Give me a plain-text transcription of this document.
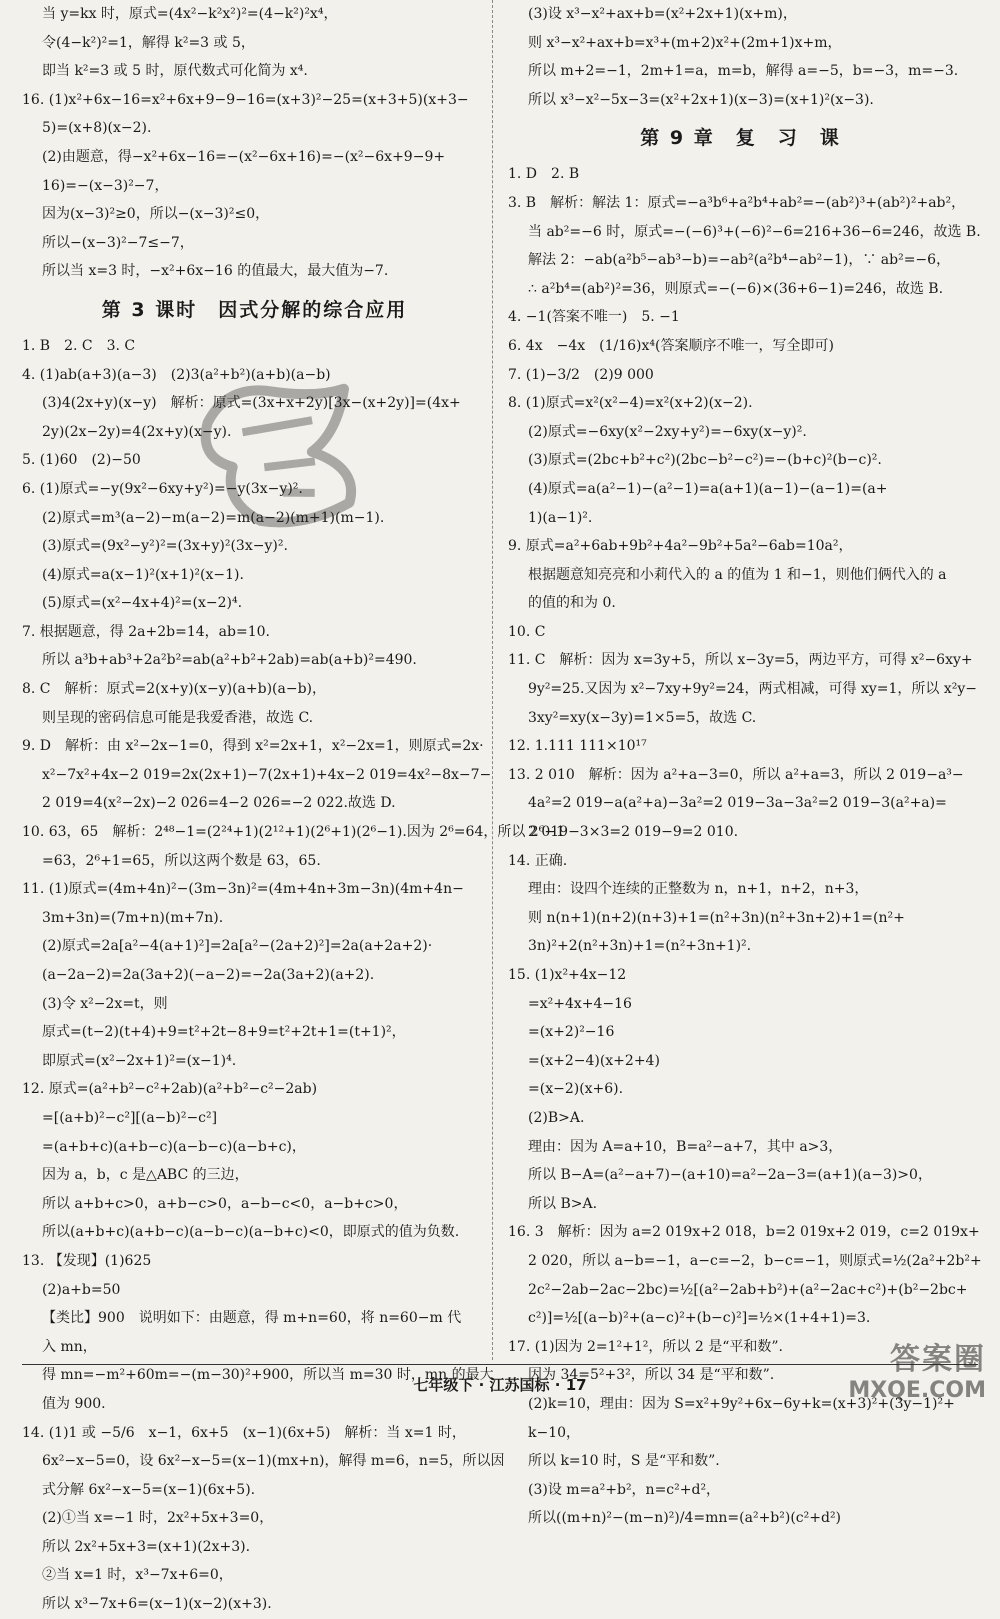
当 y=kx 时，原式=(4x²−k²x²)²=(4−k²)²x⁴，
令(4−k²)²=1，解得 k²=3 或 5，
即当 k²=3 或 5 时，原代数式可化简为 x⁴.
16. (1)x²+6x−16=x²+6x+9−9−16=(x+3)²−25=(x+3+5)(x+3−
5)=(x+8)(x−2).
(2)由题意，得−x²+6x−16=−(x²−6x+16)=−(x²−6x+9−9+
16)=−(x−3)²−7，
因为(x−3)²≥0，所以−(x−3)²≤0，
所以−(x−3)²−7≤−7，
所以当 x=3 时，−x²+6x−16 的值最大，最大值为−7.
第 3 课时　因式分解的综合应用
1. B　2. C　3. C
4. (1)ab(a+3)(a−3)　(2)3(a²+b²)(a+b)(a−b)
(3)4(2x+y)(x−y)　解析：原式=(3x+x+2y)[3x−(x+2y)]=(4x+
2y)(2x−2y)=4(2x+y)(x−y).
5. (1)60　(2)−50
6. (1)原式=−y(9x²−6xy+y²)=−y(3x−y)².
(2)原式=m³(a−2)−m(a−2)=m(a−2)(m+1)(m−1).
(3)原式=(9x²−y²)²=(3x+y)²(3x−y)².
(4)原式=a(x−1)²(x+1)²(x−1).
(5)原式=(x²−4x+4)²=(x−2)⁴.
7. 根据题意，得 2a+2b=14，ab=10.
所以 a³b+ab³+2a²b²=ab(a²+b²+2ab)=ab(a+b)²=490.
8. C　解析：原式=2(x+y)(x−y)(a+b)(a−b)，
则呈现的密码信息可能是我爱香港，故选 C.
9. D　解析：由 x²−2x−1=0，得到 x²=2x+1，x²−2x=1，则原式=2x·
x²−7x²+4x−2 019=2x(2x+1)−7(2x+1)+4x−2 019=4x²−8x−7−
2 019=4(x²−2x)−2 026=4−2 026=−2 022.故选 D.
10. 63，65　解析：2⁴⁸−1=(2²⁴+1)(2¹²+1)(2⁶+1)(2⁶−1).因为 2⁶=64，所以 2⁶−1
=63，2⁶+1=65，所以这两个数是 63，65.
11. (1)原式=(4m+4n)²−(3m−3n)²=(4m+4n+3m−3n)(4m+4n−
3m+3n)=(7m+n)(m+7n).
(2)原式=2a[a²−4(a+1)²]=2a[a²−(2a+2)²]=2a(a+2a+2)·
(a−2a−2)=2a(3a+2)(−a−2)=−2a(3a+2)(a+2).
(3)令 x²−2x=t，则
原式=(t−2)(t+4)+9=t²+2t−8+9=t²+2t+1=(t+1)²，
即原式=(x²−2x+1)²=(x−1)⁴.
12. 原式=(a²+b²−c²+2ab)(a²+b²−c²−2ab)
=[(a+b)²−c²][(a−b)²−c²]
=(a+b+c)(a+b−c)(a−b−c)(a−b+c)，
因为 a，b，c 是△ABC 的三边，
所以 a+b+c>0，a+b−c>0，a−b−c<0，a−b+c>0，
所以(a+b+c)(a+b−c)(a−b−c)(a−b+c)<0，即原式的值为负数.
13. 【发现】(1)625
(2)a+b=50
【类比】900　说明如下：由题意，得 m+n=60，将 n=60−m 代
入 mn，
得 mn=−m²+60m=−(m−30)²+900，所以当 m=30 时，mn 的最大
值为 900.
14. (1)1 或 −5/6　x−1，6x+5　(x−1)(6x+5)　解析：当 x=1 时，
6x²−x−5=0，设 6x²−x−5=(x−1)(mx+n)，解得 m=6，n=5，所以因
式分解 6x²−x−5=(x−1)(6x+5).
(2)①当 x=−1 时，2x²+5x+3=0，
所以 2x²+5x+3=(x+1)(2x+3).
②当 x=1 时，x³−7x+6=0，
所以 x³−7x+6=(x−1)(x−2)(x+3).
(3)设 x³−x²+ax+b=(x²+2x+1)(x+m)，
则 x³−x²+ax+b=x³+(m+2)x²+(2m+1)x+m，
所以 m+2=−1，2m+1=a，m=b，解得 a=−5，b=−3，m=−3.
所以 x³−x²−5x−3=(x²+2x+1)(x−3)=(x+1)²(x−3).
第 9 章　复　习　课
1. D　2. B
3. B　解析：解法 1：原式=−a³b⁶+a²b⁴+ab²=−(ab²)³+(ab²)²+ab²，
当 ab²=−6 时，原式=−(−6)³+(−6)²−6=216+36−6=246，故选 B.
解法 2：−ab(a²b⁵−ab³−b)=−ab²(a²b⁴−ab²−1)，∵ ab²=−6，
∴ a²b⁴=(ab²)²=36，则原式=−(−6)×(36+6−1)=246，故选 B.
4. −1(答案不唯一)　5. −1
6. 4x　−4x　(1/16)x⁴(答案顺序不唯一，写全即可)
7. (1)−3/2　(2)9 000
8. (1)原式=x²(x²−4)=x²(x+2)(x−2).
(2)原式=−6xy(x²−2xy+y²)=−6xy(x−y)².
(3)原式=(2bc+b²+c²)(2bc−b²−c²)=−(b+c)²(b−c)².
(4)原式=a(a²−1)−(a²−1)=a(a+1)(a−1)−(a−1)=(a+
1)(a−1)².
9. 原式=a²+6ab+9b²+4a²−9b²+5a²−6ab=10a²，
根据题意知亮亮和小莉代入的 a 的值为 1 和−1，则他们俩代入的 a
的值的和为 0.
10. C
11. C　解析：因为 x=3y+5，所以 x−3y=5，两边平方，可得 x²−6xy+
9y²=25.又因为 x²−7xy+9y²=24，两式相减，可得 xy=1，所以 x²y−
3xy²=xy(x−3y)=1×5=5，故选 C.
12. 1.111 111×10¹⁷
13. 2 010　解析：因为 a²+a−3=0，所以 a²+a=3，所以 2 019−a³−
4a²=2 019−a(a²+a)−3a²=2 019−3a−3a²=2 019−3(a²+a)=
2 019−3×3=2 019−9=2 010.
14. 正确.
理由：设四个连续的正整数为 n，n+1，n+2，n+3，
则 n(n+1)(n+2)(n+3)+1=(n²+3n)(n²+3n+2)+1=(n²+
3n)²+2(n²+3n)+1=(n²+3n+1)².
15. (1)x²+4x−12
=x²+4x+4−16
=(x+2)²−16
=(x+2−4)(x+2+4)
=(x−2)(x+6).
(2)B>A.
理由：因为 A=a+10，B=a²−a+7，其中 a>3，
所以 B−A=(a²−a+7)−(a+10)=a²−2a−3=(a+1)(a−3)>0，
所以 B>A.
16. 3　解析：因为 a=2 019x+2 018，b=2 019x+2 019，c=2 019x+
2 020，所以 a−b=−1，a−c=−2，b−c=−1，则原式=½(2a²+2b²+
2c²−2ab−2ac−2bc)=½[(a²−2ab+b²)+(a²−2ac+c²)+(b²−2bc+
c²)]=½[(a−b)²+(a−c)²+(b−c)²]=½×(1+4+1)=3.
17. (1)因为 2=1²+1²，所以 2 是“平和数”.
因为 34=5²+3²，所以 34 是“平和数”.
(2)k=10，理由：因为 S=x²+9y²+6x−6y+k=(x+3)²+(3y−1)²+
k−10，
所以 k=10 时，S 是“平和数”.
(3)设 m=a²+b²，n=c²+d²，
所以((m+n)²−(m−n)²)/4=mn=(a²+b²)(c²+d²)
七年级下 · 江苏国标 · 17
答案圈
MXQE.COM
